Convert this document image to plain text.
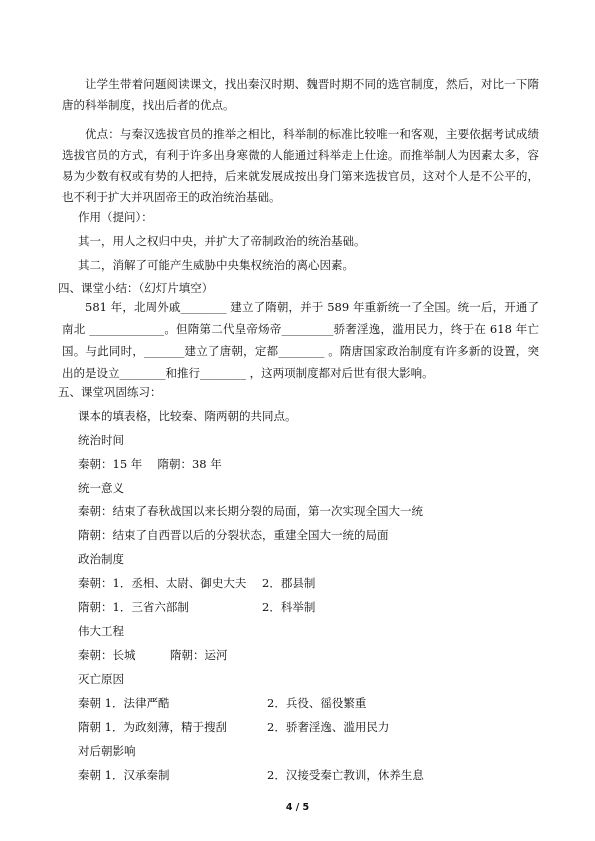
让学生带着问题阅读课文，找出秦汉时期、魏晋时期不同的选官制度，然后，对比一下隋唐的科举制度，找出后者的优点。
优点：与秦汉选拔官员的推举之相比，科举制的标准比较唯一和客观，主要依据考试成绩选拔官员的方式，有利于许多出身寒微的人能通过科举走上仕途。而推举制人为因素太多，容易为少数有权或有势的人把持，后来就发展成按出身门第来选拔官员，这对个人是不公平的，也不利于扩大并巩固帝王的政治统治基础。
作用（提问）：
其一，用人之权归中央，并扩大了帝制政治的统治基础。
其二，消解了可能产生威胁中央集权统治的离心因素。
四、课堂小结：（幻灯片填空）
581 年，北周外戚________ 建立了隋朝，并于 589 年重新统一了全国。统一后，开通了南北 _____________。但隋第二代皇帝炀帝_________骄奢淫逸，滥用民力，终于在 618 年亡国。与此同时，_______建立了唐朝，定都________ 。隋唐国家政治制度有许多新的设置，突出的是设立________和推行________ ，这两项制度都对后世有很大影响。
五、课堂巩固练习：
课本的填表格，比较秦、隋两朝的共同点。
统治时间
秦朝：15 年　 隋朝：38 年
统一意义
秦朝：结束了春秋战国以来长期分裂的局面，第一次实现全国大一统
隋朝：结束了自西晋以后的分裂状态，重建全国大一统的局面
政治制度
秦朝：1．丞相、太尉、御史大夫 2．郡县制
隋朝：1．三省六部制	2．科举制
伟大工程
秦朝：长城　　　隋朝：运河
灭亡原因
秦朝 1．法律严酷	2．兵役、徭役繁重
隋朝 1．为政刻薄，精于搜刮	2．骄奢淫逸、滥用民力
对后朝影响
秦朝 1．汉承秦制	2．汉接受秦亡教训，休养生息
4 / 5
